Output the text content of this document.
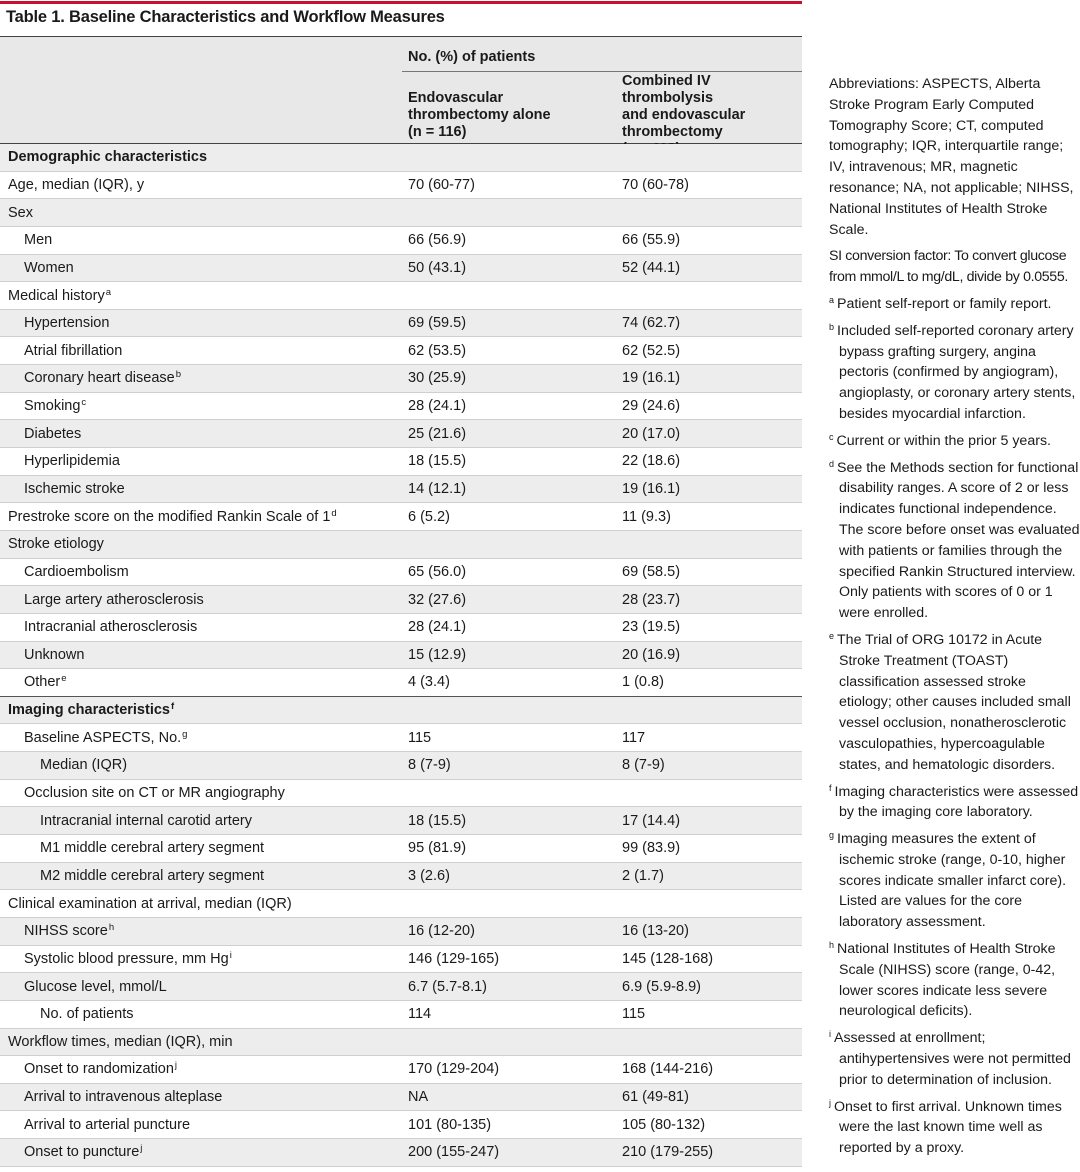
Table 1. Baseline Characteristics and Workflow Measures
No. (%) of patients
Endovascular
thrombectomy alone
(n = 116)
Combined IV thrombolysis
and endovascular
thrombectomy
Demographic characteristics
Age, median (IQR), y	70 (60-77)	70 (60-78)
Sex
Men	66 (56.9)	66 (55.9)
Women	50 (43.1)	52 (44.1)
Medical history$^a$
Hypertension	69 (59.5)	74 (62.7)
Atrial fibrillation	62 (53.5)	62 (52.5)
Coronary heart disease$^b$	30 (25.9)	19 (16.1)
Smoking$^c$	28 (24.1)	29 (24.6)
Diabetes	25 (21.6)	20 (17.0)
Hyperlipidemia	18 (15.5)	22 (18.6)
Ischemic stroke	14 (12.1)	19 (16.1)
Prestroke score on the modified Rankin Scale of 1$^d$	6 (5.2)	11 (9.3)
Stroke etiology
Cardioembolism	65 (56.0)	69 (58.5)
Large artery atherosclerosis	32 (27.6)	28 (23.7)
Intracranial atherosclerosis	28 (24.1)	23 (19.5)
Unknown	15 (12.9)	20 (16.9)
Other$^e$	4 (3.4)	1 (0.8)
Imaging characteristics$^f$
Baseline ASPECTS, No.$^g$	115	117
Median (IQR)	8 (7-9)	8 (7-9)
Occlusion site on CT or MR angiography
Intracranial internal carotid artery	18 (15.5)	17 (14.4)
M1 middle cerebral artery segment	95 (81.9)	99 (83.9)
M2 middle cerebral artery segment	3 (2.6)	2 (1.7)
Clinical examination at arrival, median (IQR)
NIHSS score$^h$	16 (12-20)	16 (13-20)
Systolic blood pressure, mm Hg$^i$	146 (129-165)	145 (128-168)
Glucose level, mmol/L	6.7 (5.7-8.1)	6.9 (5.9-8.9)
No. of patients	114	115
Workflow times, median (IQR), min
Onset to randomization$^j$	170 (129-204)	168 (144-216)
Arrival to intravenous alteplase	NA	61 (49-81)
Arrival to arterial puncture	101 (80-135)	105 (80-132)
Onset to puncture$^j$	200 (155-247)	210 (179-255)

Abbreviations: ASPECTS, Alberta Stroke Program Early Computed Tomography Score; CT, computed tomography; IQR, interquartile range; IV, intravenous; MR, magnetic resonance; NA, not applicable; NIHSS, National Institutes of Health Stroke Scale.

SI conversion factor: To convert glucose from mmol/L to mg/dL, divide by 0.0555.

$^a$ Patient self-report or family report.

$^b$ Included self-reported coronary artery bypass grafting surgery, angina pectoris (confirmed by angiogram), angioplasty, or coronary artery stents, besides myocardial infarction.

$^c$ Current or within the prior 5 years.

$^d$ See the Methods section for functional disability ranges. A score of 2 or less indicates functional independence. The score before onset was evaluated with patients or families through the specified Rankin Structured interview. Only patients with scores of 0 or 1 were enrolled.

$^e$ The Trial of ORG 10172 in Acute Stroke Treatment (TOAST) classification assessed stroke etiology; other causes included small vessel occlusion, nonatherosclerotic vasculopathies, hypercoagulable states, and hematologic disorders.

$^f$ Imaging characteristics were assessed by the imaging core laboratory.

$^g$ Imaging measures the extent of ischemic stroke (range, 0-10, higher scores indicate smaller infarct core). Listed are values for the core laboratory assessment.

$^h$ National Institutes of Health Stroke Scale (NIHSS) score (range, 0-42, lower scores indicate less severe neurological deficits).

$^i$ Assessed at enrollment; antihypertensives were not permitted prior to determination of inclusion.

$^j$ Onset to first arrival. Unknown times were the last known time well as reported by a proxy.
